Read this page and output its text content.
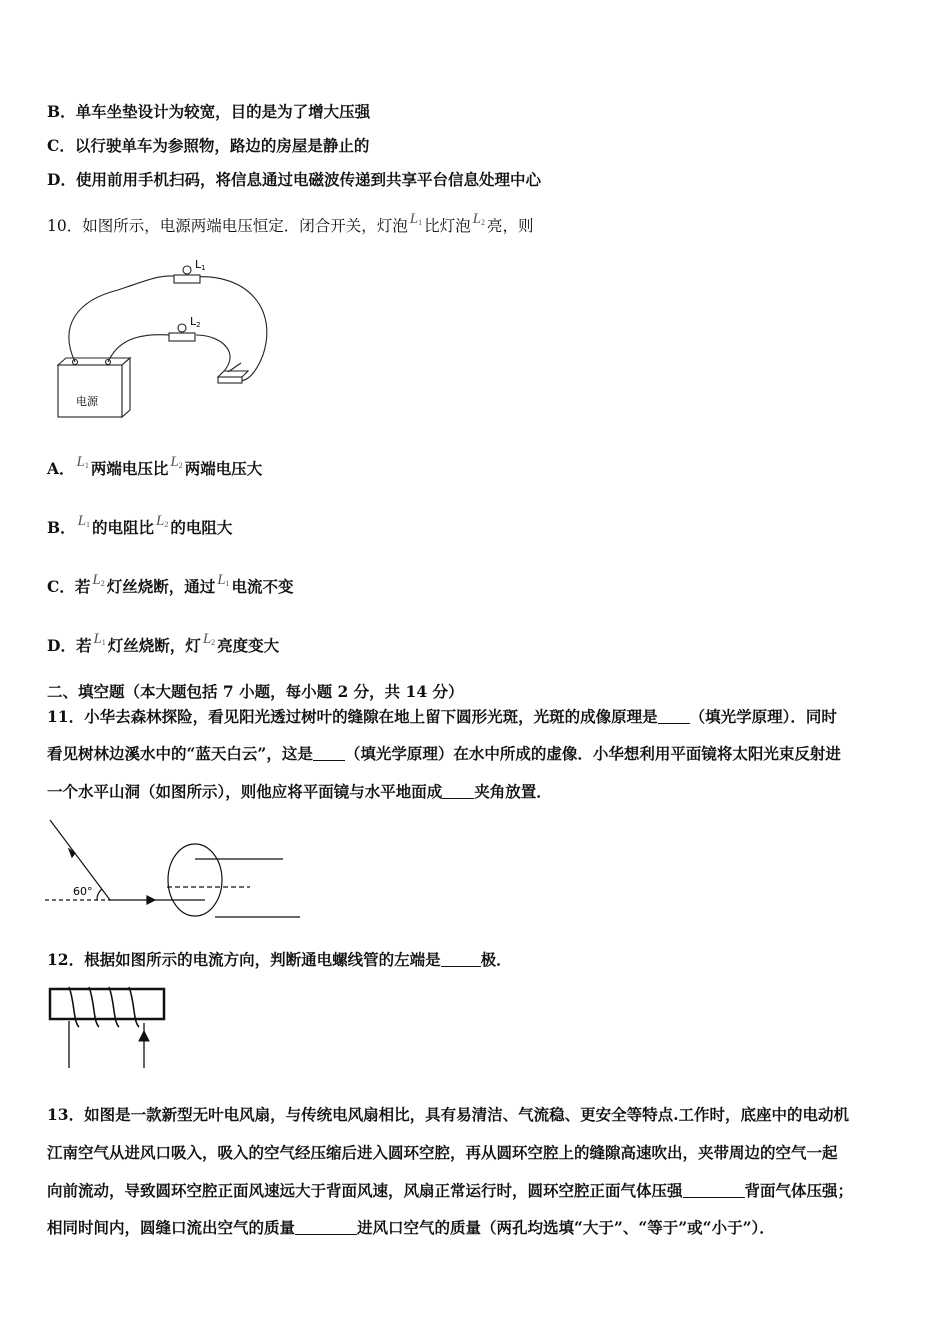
B．单车坐垫设计为较宽，目的是为了增大压强
C．以行驶单车为参照物，路边的房屋是静止的
D．使用前用手机扫码，将信息通过电磁波传递到共享平台信息处理中心
10．如图所示，电源两端电压恒定．闭合开关，灯泡 $L_1$ 比灯泡 $L_2$ 亮，则
L1
L2
电源
A． $L_1$ 两端电压比 $L_2$ 两端电压大
B． $L_1$ 的电阻比 $L_2$ 的电阻大
C．若 $L_2$ 灯丝烧断，通过 $L_1$ 电流不变
D．若 $L_1$ 灯丝烧断，灯 $L_2$ 亮度变大
二、填空题（本大题包括 7 小题，每小题 2 分，共 14 分）
11．小华去森林探险，看见阳光透过树叶的缝隙在地上留下圆形光斑，光斑的成像原理是 （填光学原理）．同时
看见树林边溪水中的“蓝天白云”，这是 （填光学原理）在水中所成的虚像．小华想利用平面镜将太阳光束反射进
一个水平山洞（如图所示），则他应将平面镜与水平地面成 夹角放置．
60°
12．根据如图所示的电流方向，判断通电螺线管的左端是	极．
13．如图是一款新型无叶电风扇，与传统电风扇相比，具有易清洁、气流稳、更安全等特点.工作时，底座中的电动机
江南空气从进风口吸入，吸入的空气经压缩后进入圆环空腔，再从圆环空腔上的缝隙高速吹出，夹带周边的空气一起
向前流动，导致圆环空腔正面风速远大于背面风速，风扇正常运行时，圆环空腔正面气体压强	背面气体压强；
相同时间内，圆缝口流出空气的质量	进风口空气的质量（两孔均选填“大于”、“等于”或“小于”）．
